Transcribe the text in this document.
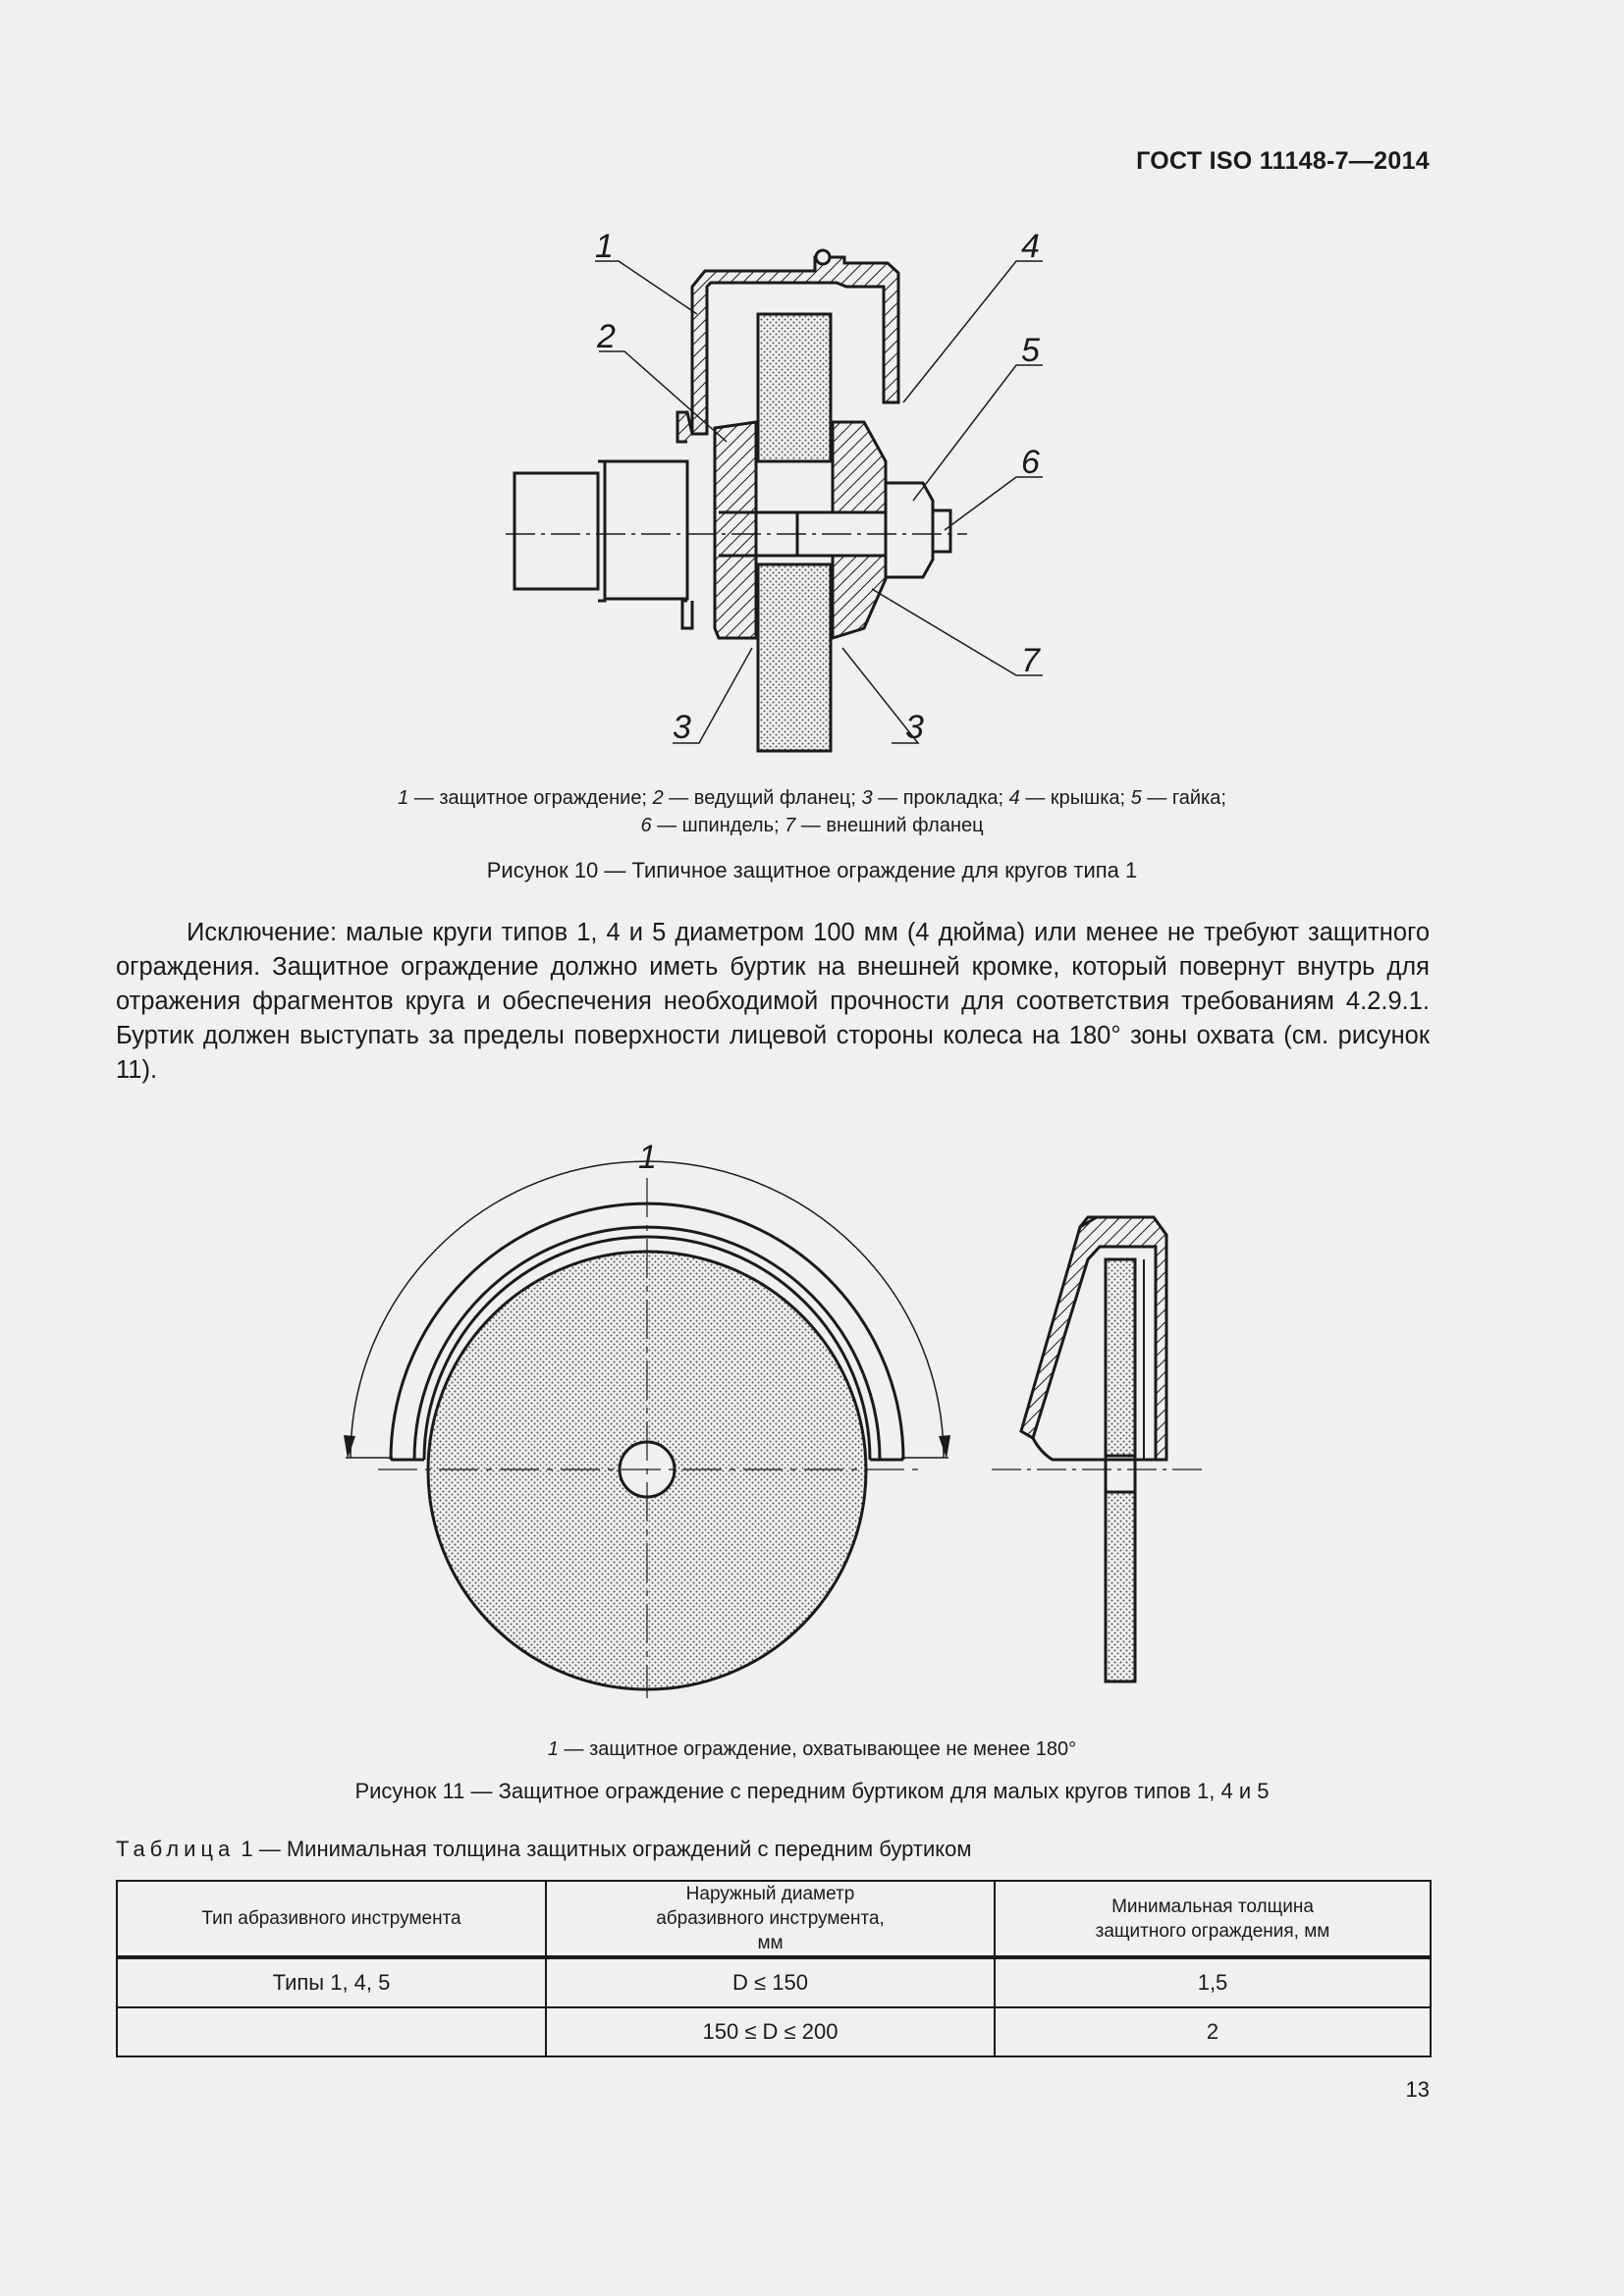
ГОСТ ISO 11148-7—2014
1
2
3	3
4
5
6
7
1 — защитное ограждение; 2 — ведущий фланец; 3 — прокладка; 4 — крышка; 5 — гайка;
6 — шпиндель; 7 — внешний фланец
Рисунок 10 — Типичное защитное ограждение для кругов типа 1
Исключение: малые круги типов 1, 4 и 5 диаметром 100 мм (4 дюйма) или менее не требуют защитного ограждения. Защитное ограждение должно иметь буртик на внешней кромке, который повернут внутрь для отражения фрагментов круга и обеспечения необходимой прочности для соответствия требованиям 4.2.9.1. Буртик должен выступать за пределы поверхности лицевой стороны колеса на 180° зоны охвата (см. рисунок 11).
1
1 — защитное ограждение, охватывающее не менее 180°
Рисунок 11 — Защитное ограждение с передним буртиком для малых кругов типов 1, 4 и 5
Таблица 1 — Минимальная толщина защитных ограждений с передним буртиком
Тип абразивного инструмента	Наружный диаметр абразивного инструмента, мм	Минимальная толщина защитного ограждения, мм

Типы 1, 4, 5	D ≤ 150	1,5
	150 ≤ D ≤ 200	2
13
